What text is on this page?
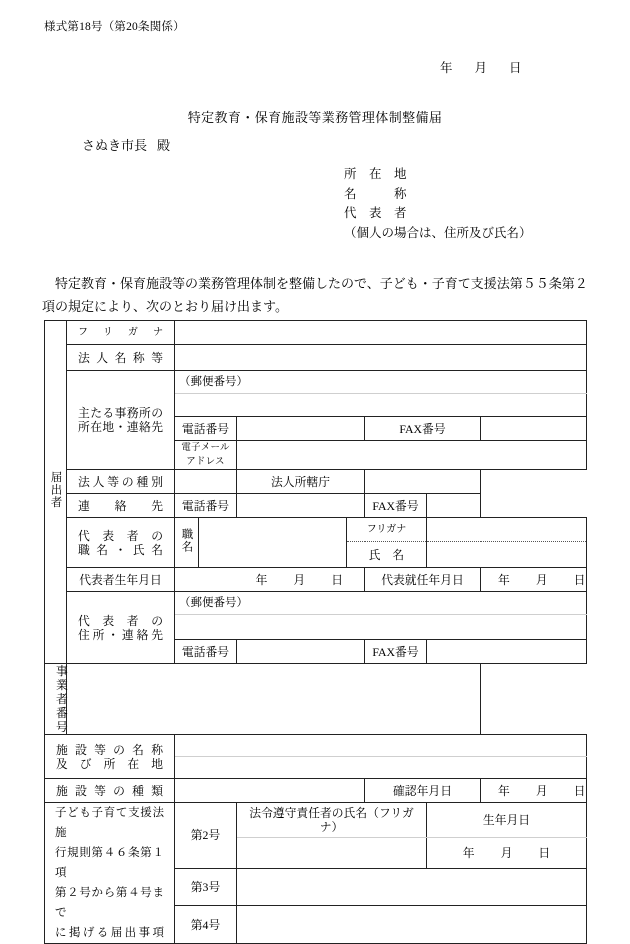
様式第18号（第20条関係）
年 月 日
特定教育・保育施設等業務管理体制整備届
さぬき市長 殿
所　在　地
名　　　称
代　表　者
（個人の場合は、住所及び氏名）
特定教育・保育施設等の業務管理体制を整備したので、子ども・子育て支援法第５５条第２項の規定により、次のとおり届け出ます。
届出者	フリガナ							

	法人名称等							

	主たる事務所の
所在地・連絡先	（郵便番号）						

		電話番号				FAX番号		

		電子メールアドレス						

	法人等の種別			法人所轄庁				

	連絡先	電話番号				FAX番号		

	代表者の
職名・氏名	職名			フリガナ			

					氏　名			

	代表者生年月日	年 月 日				代表就任年月日		年 月 日

	代表者の
住所・連絡先	（郵便番号）						

		電話番号				FAX番号		

事業者番号								

施設等の名称
及び所在地								

施設等の種類						確認年月日		年 月 日

子ども子育て支援法施
行規則第４６条第１項
第２号から第４号まで
に掲げる届出事項		第2号		法令遵守責任者の氏名（フリガナ）			生年月日	

							年 月 日	

		第3号						

		第4号						
